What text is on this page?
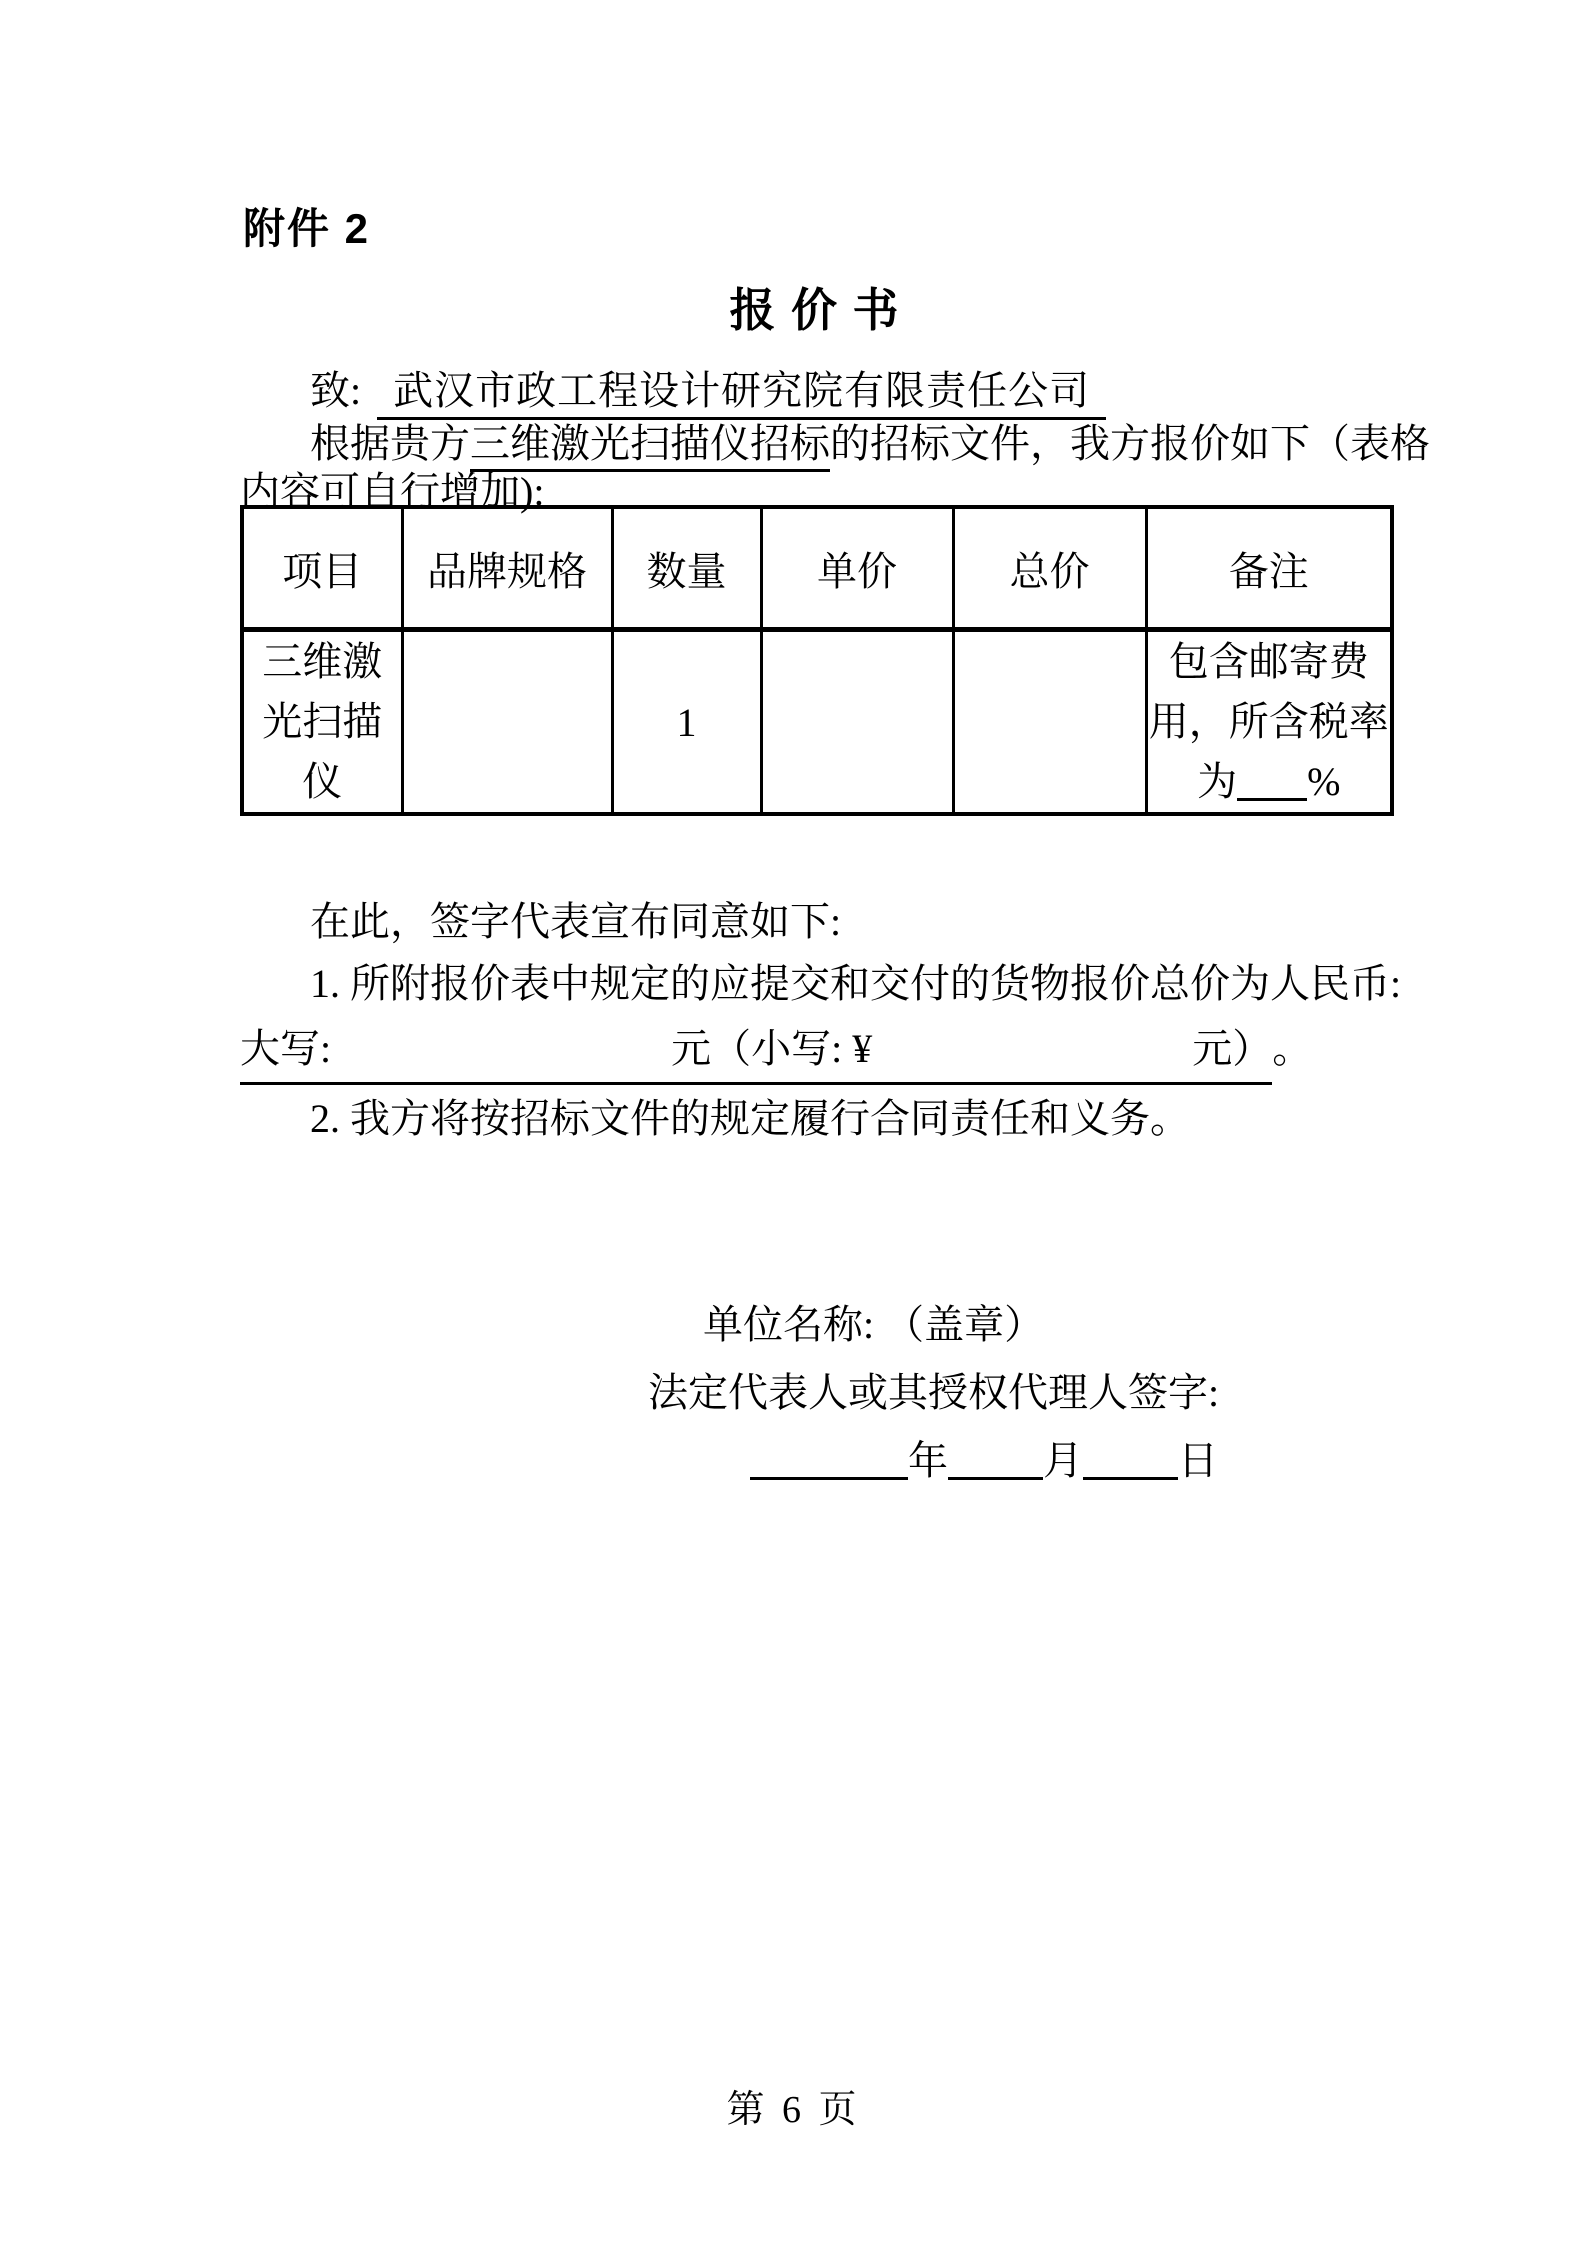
附件 2
报 价 书
致: 武汉市政工程设计研究院有限责任公司
根据贵方三维激光扫描仪招标的招标文件，我方报价如下（表格
内容可自行增加):
项目	品牌规格	数量	单价	总价	备注
三维激光扫描仪		1			包含邮寄费用，所含税率为 %
在此，签字代表宣布同意如下:
1. 所附报价表中规定的应提交和交付的货物报价总价为人民币:
大写:	元（小写: ¥	元）。
2. 我方将按招标文件的规定履行合同责任和义务。
单位名称: （盖章）
法定代表人或其授权代理人签字:
年 月 日
第 6 页
